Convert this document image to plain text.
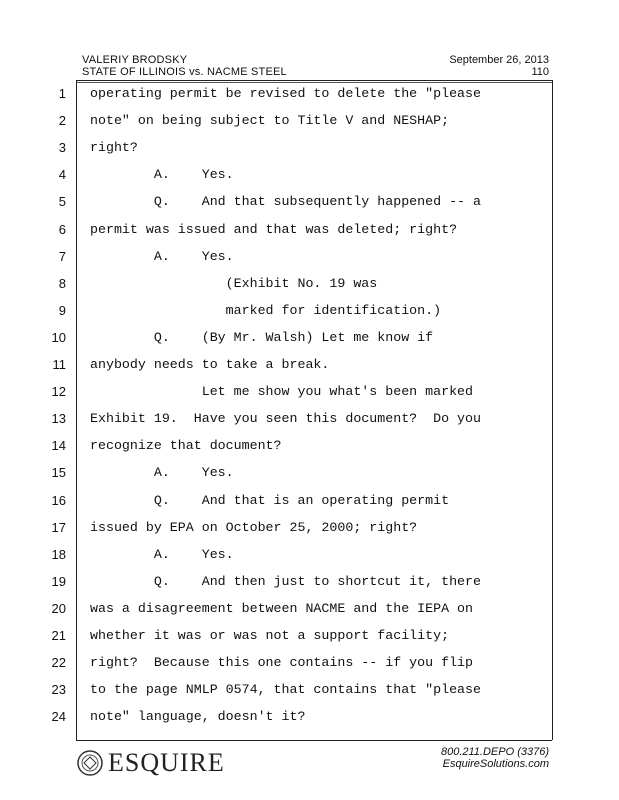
VALERIY BRODSKY
STATE OF ILLINOIS vs. NACME STEEL
September 26, 2013
110
1 operating permit be revised to delete the "please
2 note" on being subject to Title V and NESHAP;
3 right?
4 A.    Yes.
5 Q.    And that subsequently happened -- a
6 permit was issued and that was deleted; right?
7 A.    Yes.
8 (Exhibit No. 19 was
9 marked for identification.)
10 Q.    (By Mr. Walsh) Let me know if
11 anybody needs to take a break.
12 Let me show you what's been marked
13 Exhibit 19.  Have you seen this document?  Do you
14 recognize that document?
15 A.    Yes.
16 Q.    And that is an operating permit
17 issued by EPA on October 25, 2000; right?
18 A.    Yes.
19 Q.    And then just to shortcut it, there
20 was a disagreement between NACME and the IEPA on
21 whether it was or was not a support facility;
22 right?  Because this one contains -- if you flip
23 to the page NMLP 0574, that contains that "please
24 note" language, doesn't it?
ESQUIRE	800.211.DEPO (3376)
EsquireSolutions.com
